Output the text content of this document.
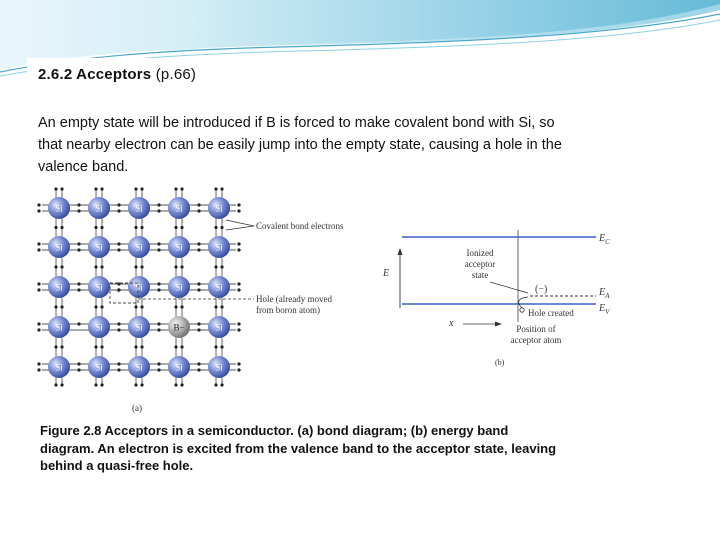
2.6.2 Acceptors (p.66)
An empty state will be introduced if B is forced to make covalent bond with Si, so
that nearby electron can be easily jump into the empty state, causing a hole in the
valence band.
Si	Si	Si	Si	Si
Si	Si	Si	Si	Si
Si	Si	Si	Si	Si
Si	Si	Si	B−	Si
Si	Si	Si	Si	Si
+
Covalent bond electrons
Hole (already moved
from boron atom)
(a)
E
x
$E_C$
$E_V$
$E_A$
Ionized
acceptor
state
(−)
Hole created
Position of
acceptor atom
(b)
Figure 2.8 Acceptors in a semiconductor. (a) bond diagram; (b) energy band
diagram. An electron is excited from the valence band to the acceptor state, leaving
behind a quasi-free hole.
